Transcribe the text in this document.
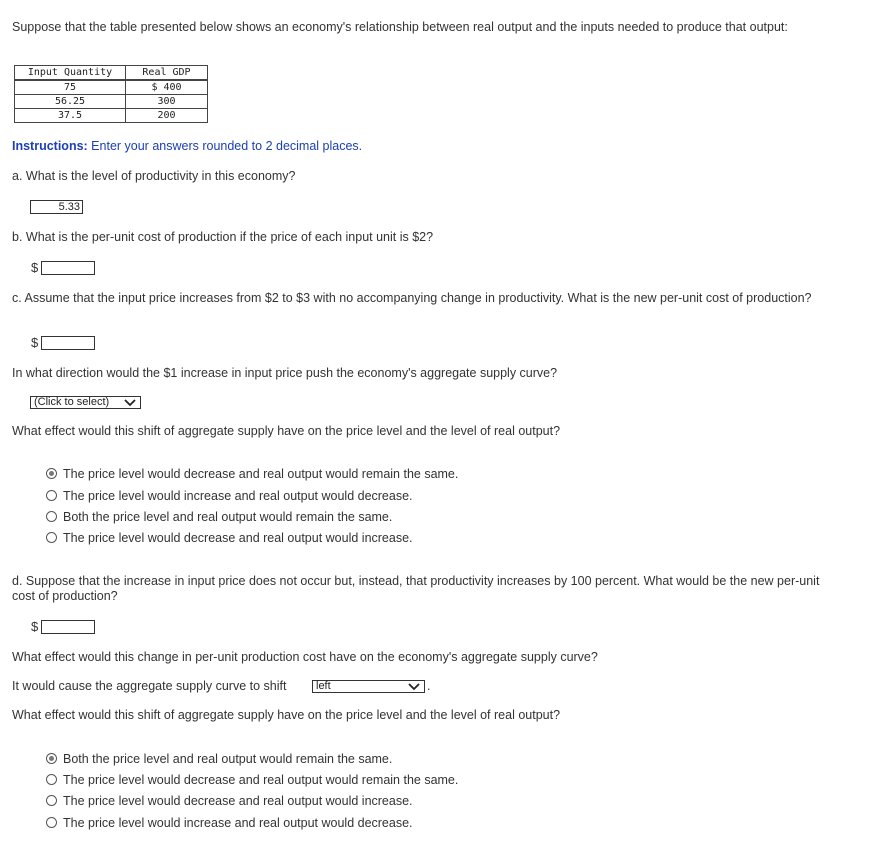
Suppose that the table presented below shows an economy's relationship between real output and the inputs needed to produce that output:
Input Quantity	Real GDP
75	$ 400
56.25	300
37.5	200
Instructions: Enter your answers rounded to 2 decimal places.
a. What is the level of productivity in this economy?
5.33
b. What is the per-unit cost of production if the price of each input unit is $2?
$
c. Assume that the input price increases from $2 to $3 with no accompanying change in productivity. What is the new per-unit cost of production?
$
In what direction would the $1 increase in input price push the economy's aggregate supply curve?
(Click to select)
What effect would this shift of aggregate supply have on the price level and the level of real output?
The price level would decrease and real output would remain the same.
The price level would increase and real output would decrease.
Both the price level and real output would remain the same.
The price level would decrease and real output would increase.
d. Suppose that the increase in input price does not occur but, instead, that productivity increases by 100 percent. What would be the new per-unit cost of production?
$
What effect would this change in per-unit production cost have on the economy's aggregate supply curve?
It would cause the aggregate supply curve to shift	left	.
What effect would this shift of aggregate supply have on the price level and the level of real output?
Both the price level and real output would remain the same.
The price level would decrease and real output would remain the same.
The price level would decrease and real output would increase.
The price level would increase and real output would decrease.
